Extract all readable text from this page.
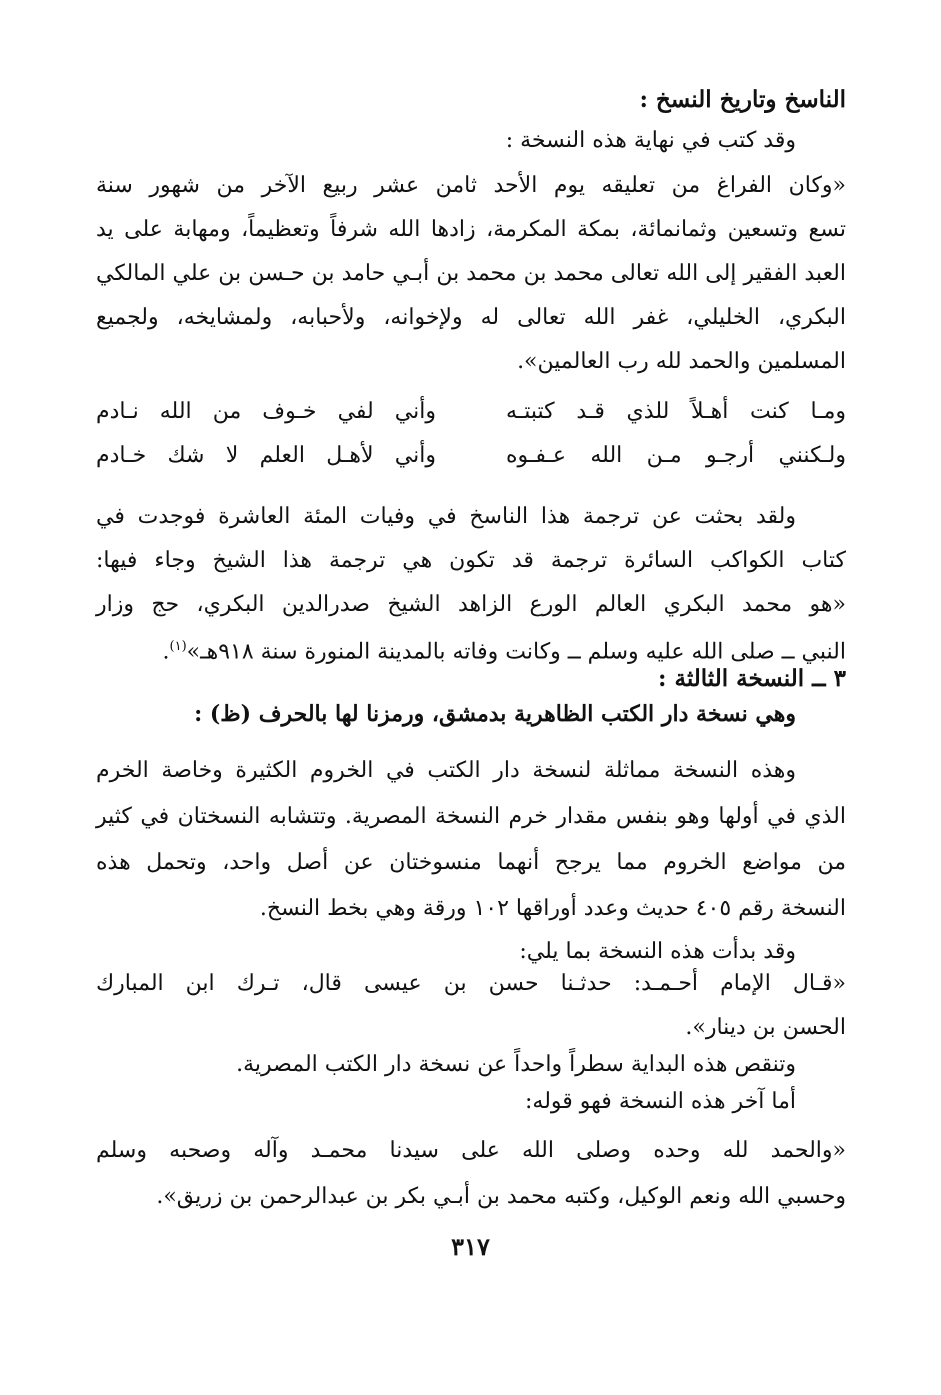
الناسخ وتاريخ النسخ :
وقد كتب في نهاية هذه النسخة :
«وكان الفراغ من تعليقه يوم الأحد ثامن عشر ربيع الآخر من شهور سنة
تسع وتسعين وثمانمائة، بمكة المكرمة، زادها الله شرفاً وتعظيماً، ومهابة على يد
العبد الفقير إلى الله تعالى محمد بن محمد بن أبـي حامد بن حـسن بن علي المالكي
البكري، الخليلي، غفر الله تعالى له ولإخوانه، ولأحبابه، ولمشايخه، ولجميع
المسلمين والحمد لله رب العالمين».
ومـا كنت أهـلاً للذي قـد كتبتـه
وأني لفي خـوف من الله نـادم
ولـكنني أرجـو مـن الله عـفـوه
وأني لأهـل العلم لا شك خـادم
ولقد بحثت عن ترجمة هذا الناسخ في وفيات المئة العاشرة فوجدت في
كتاب الكواكب السائرة ترجمة قد تكون هي ترجمة هذا الشيخ وجاء فيها:
«هو محمد البكري العالم الورع الزاهد الشيخ صدرالدين البكري، حج وزار
النبي ــ صلى الله عليه وسلم ــ وكانت وفاته بالمدينة المنورة سنة ٩١٨هـ»$^{(١)}$.
٣ ــ النسخة الثالثة :
وهي نسخة دار الكتب الظاهرية بدمشق، ورمزنا لها بالحرف (ظ) :
وهذه النسخة مماثلة لنسخة دار الكتب في الخروم الكثيرة وخاصة الخرم
الذي في أولها وهو بنفس مقدار خرم النسخة المصرية. وتتشابه النسختان في كثير
من مواضع الخروم مما يرجح أنهما منسوختان عن أصل واحد، وتحمل هذه
النسخة رقم ٤٠٥ حديث وعدد أوراقها ١٠٢ ورقة وهي بخط النسخ.
وقد بدأت هذه النسخة بما يلي:
«قـال الإمام أحـمـد: حدثـنا حسن بن عيسى قال، تـرك ابن المبارك
الحسن بن دينار».
وتنقص هذه البداية سطراً واحداً عن نسخة دار الكتب المصرية.
أما آخر هذه النسخة فهو قوله:
«والحمد لله وحده وصلى الله على سيدنا محمـد وآله وصحبه وسلم
وحسبي الله ونعم الوكيل، وكتبه محمد بن أبـي بكر بن عبدالرحمن بن زريق».
٣١٧
